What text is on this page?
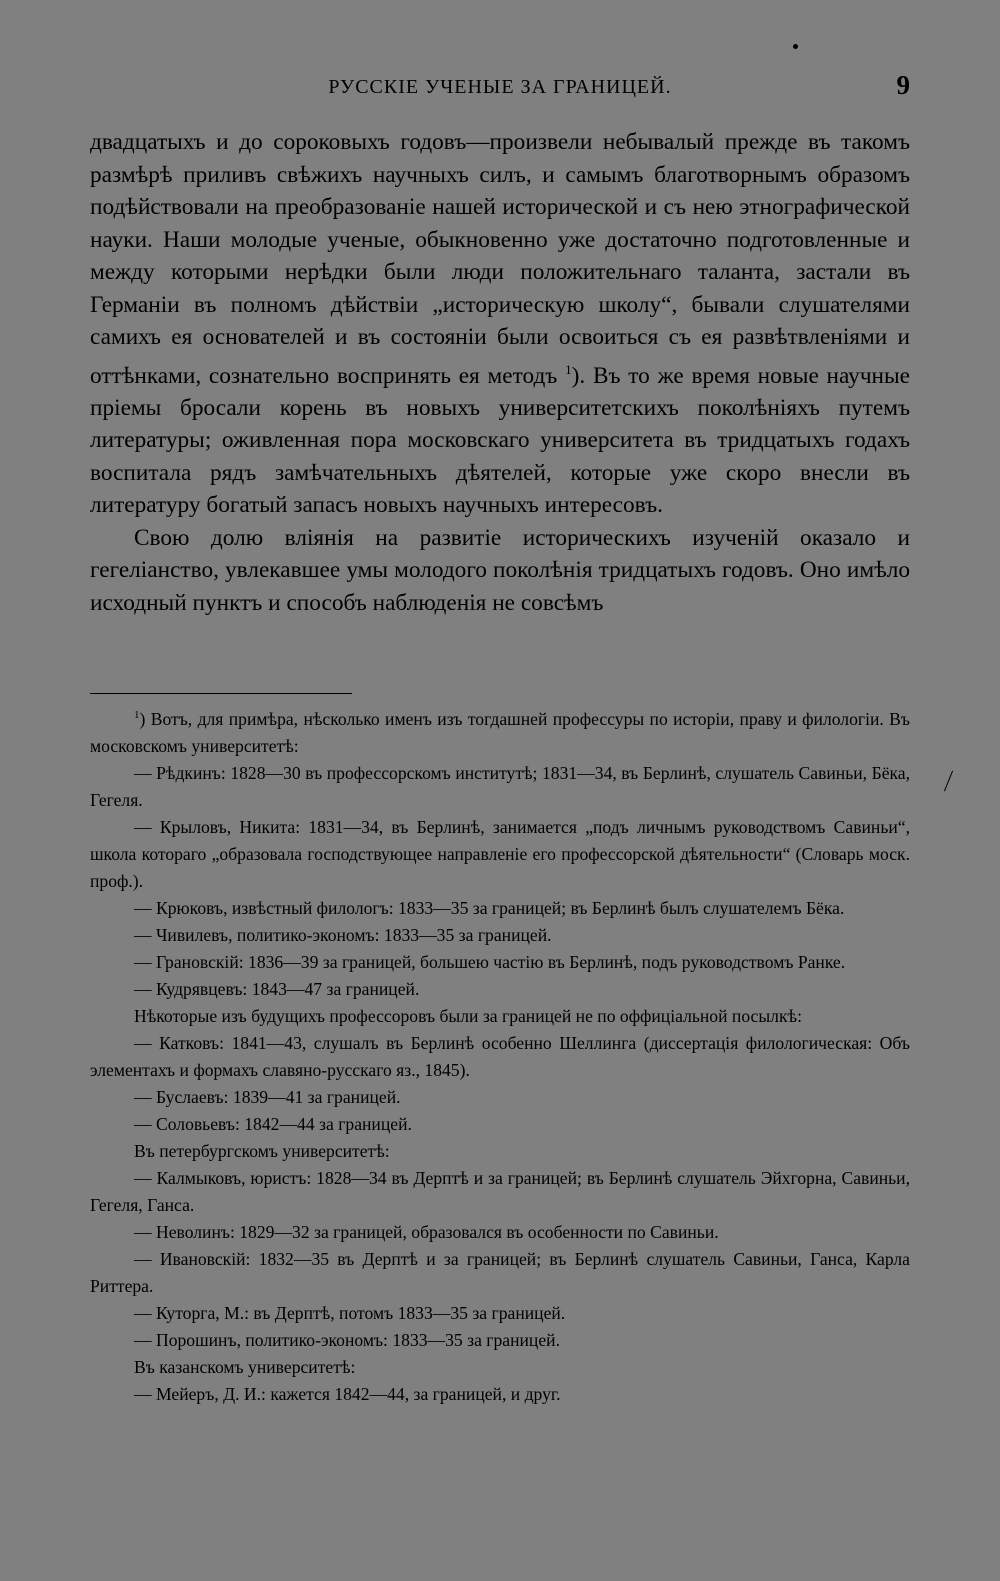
РУССКІЕ УЧЕНЫЕ ЗА ГРАНИЦЕЙ.	9

двадцатыхъ и до сороковыхъ годовъ—произвели небывалый прежде въ такомъ размѣрѣ приливъ свѣжихъ научныхъ силъ, и самымъ благотворнымъ образомъ подѣйствовали на преобразованіе нашей исторической и съ нею этнографической науки. Наши молодые ученые, обыкновенно уже достаточно подготовленные и между которыми нерѣдки были люди положительнаго таланта, застали въ Германіи въ полномъ дѣйствіи „историческую школу“, бывали слушателями самихъ ея основателей и въ состояніи были освоиться съ ея развѣтвленіями и оттѣнками, сознательно воспринять ея методъ $^1$). Въ то же время новые научные пріемы бросали корень въ новыхъ университетскихъ поколѣніяхъ путемъ литературы; оживленная пора московскаго университета въ тридцатыхъ годахъ воспитала рядъ замѣчательныхъ дѣятелей, которые уже скоро внесли въ литературу богатый запасъ новыхъ научныхъ интересовъ.

Свою долю вліянія на развитіе историческихъ изученій оказало и гегеліанство, увлекавшее умы молодого поколѣнія тридцатыхъ годовъ. Оно имѣло исходный пунктъ и способъ наблюденія не совсѣмъ

$^1$) Вотъ, для примѣра, нѣсколько именъ изъ тогдашней профессуры по исторіи, праву и филологіи. Въ московскомъ университетѣ:

— Рѣдкинъ: 1828—30 въ профессорскомъ институтѣ; 1831—34, въ Берлинѣ, слушатель Савиньи, Бёка, Гегеля.

— Крыловъ, Никита: 1831—34, въ Берлинѣ, занимается „подъ личнымъ руководствомъ Савиньи“, школа котораго „образовала господствующее направленіе его профессорской дѣятельности“ (Словарь моск. проф.).

— Крюковъ, извѣстный филологъ: 1833—35 за границей; въ Берлинѣ былъ слушателемъ Бёка.

— Чивилевъ, политико-экономъ: 1833—35 за границей.

— Грановскій: 1836—39 за границей, большею частію въ Берлинѣ, подъ руководствомъ Ранке.

— Кудрявцевъ: 1843—47 за границей.

Нѣкоторые изъ будущихъ профессоровъ были за границей не по оффиціальной посылкѣ:

— Катковъ: 1841—43, слушалъ въ Берлинѣ особенно Шеллинга (диссертація филологическая: Объ элементахъ и формахъ славяно-русскаго яз., 1845).

— Буслаевъ: 1839—41 за границей.

— Соловьевъ: 1842—44 за границей.

Въ петербургскомъ университетѣ:

— Калмыковъ, юристъ: 1828—34 въ Дерптѣ и за границей; въ Берлинѣ слушатель Эйхгорна, Савиньи, Гегеля, Ганса.

— Неволинъ: 1829—32 за границей, образовался въ особенности по Савиньи.

— Ивановскій: 1832—35 въ Дерптѣ и за границей; въ Берлинѣ слушатель Савиньи, Ганса, Карла Риттера.

— Куторга, М.: въ Дерптѣ, потомъ 1833—35 за границей.

— Порошинъ, политико-экономъ: 1833—35 за границей.

Въ казанскомъ университетѣ:

— Мейеръ, Д. И.: кажется 1842—44, за границей, и друг.
